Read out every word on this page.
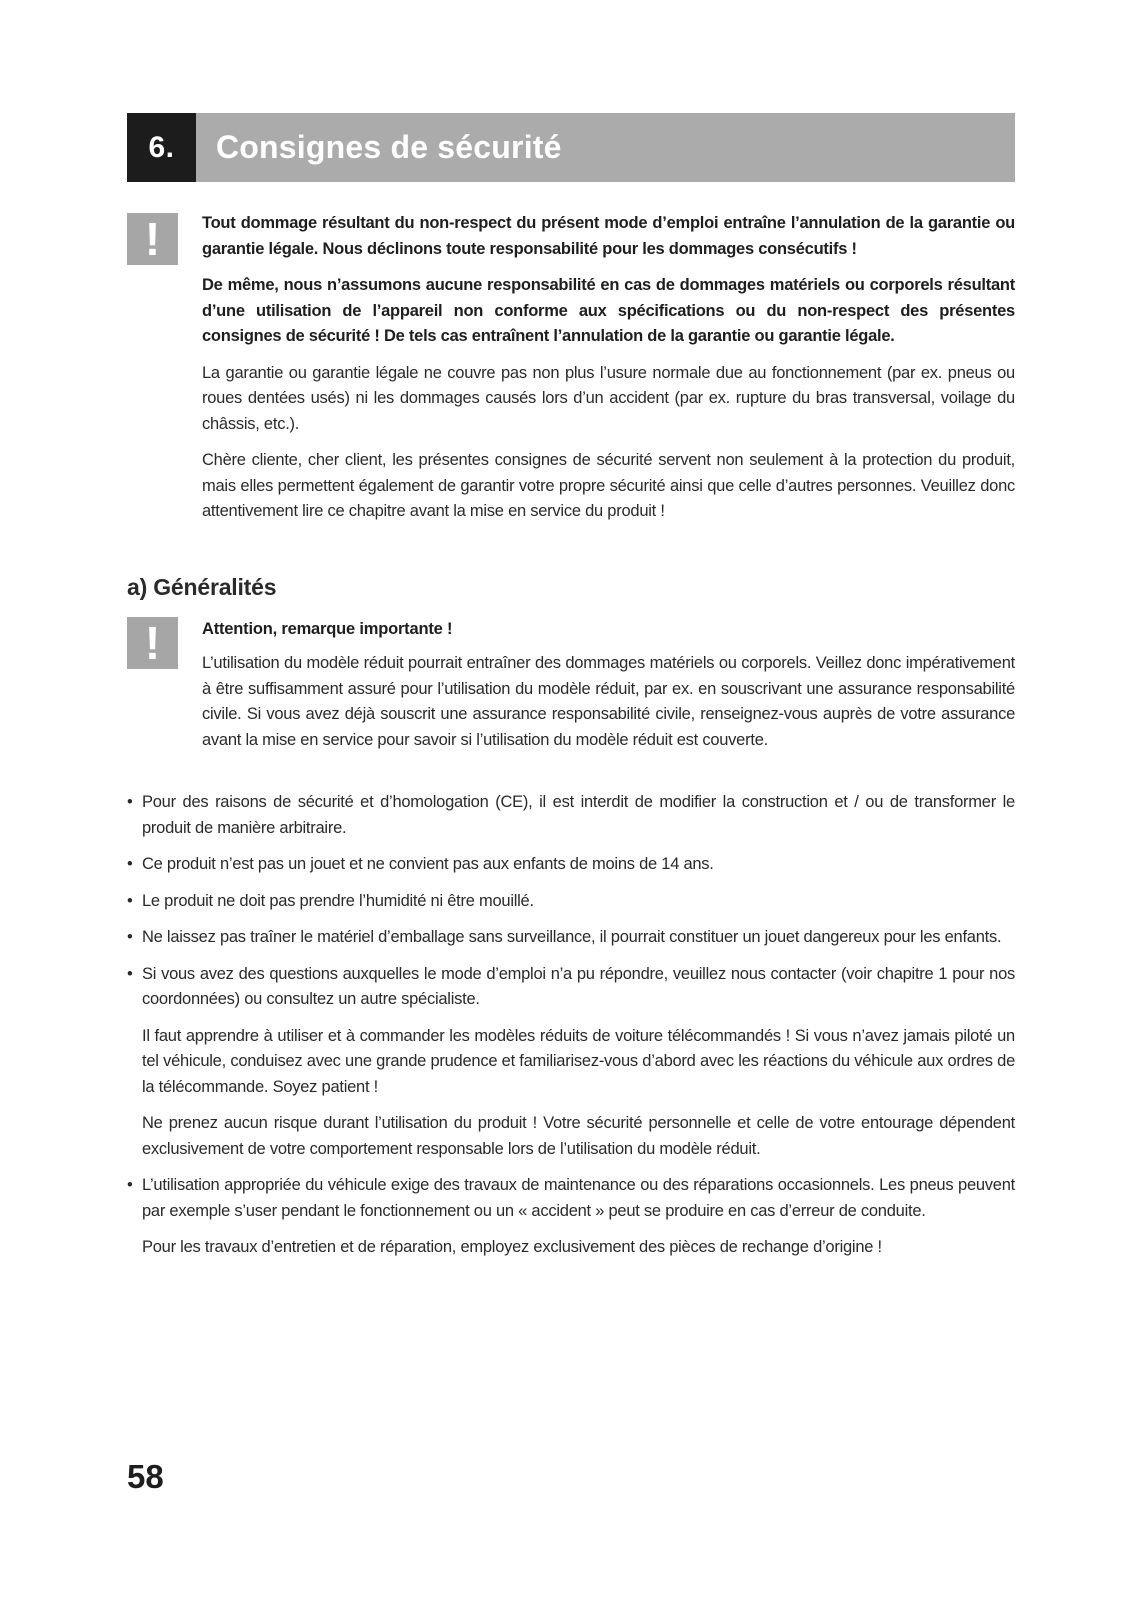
6.	Consignes de sécurité
!	Tout dommage résultant du non-respect du présent mode d’emploi entraîne l’annulation de la garantie ou garantie légale. Nous déclinons toute responsabilité pour les dommages consécutifs !

De même, nous n’assumons aucune responsabilité en cas de dommages matériels ou corporels résultant d’une utilisation de l’appareil non conforme aux spécifications ou du non-respect des présentes consignes de sécurité ! De tels cas entraînent l’annulation de la garantie ou garantie légale.

La garantie ou garantie légale ne couvre pas non plus l’usure normale due au fonctionnement (par ex. pneus ou roues dentées usés) ni les dommages causés lors d’un accident (par ex. rupture du bras transversal, voilage du châssis, etc.).

Chère cliente, cher client, les présentes consignes de sécurité servent non seulement à la protection du produit, mais elles permettent également de garantir votre propre sécurité ainsi que celle d’autres personnes. Veuillez donc attentivement lire ce chapitre avant la mise en service du produit !

a) Généralités
!	Attention, remarque importante !

L’utilisation du modèle réduit pourrait entraîner des dommages matériels ou corporels. Veillez donc impérativement à être suffisamment assuré pour l’utilisation du modèle réduit, par ex. en souscrivant une assurance responsabilité civile. Si vous avez déjà souscrit une assurance responsabilité civile, renseignez-vous auprès de votre assurance avant la mise en service pour savoir si l’utilisation du modèle réduit est couverte.

• Pour des raisons de sécurité et d’homologation (CE), il est interdit de modifier la construction et / ou de transformer le produit de manière arbitraire.

• Ce produit n’est pas un jouet et ne convient pas aux enfants de moins de 14 ans.

• Le produit ne doit pas prendre l’humidité ni être mouillé.

• Ne laissez pas traîner le matériel d’emballage sans surveillance, il pourrait constituer un jouet dangereux pour les enfants.

• Si vous avez des questions auxquelles le mode d’emploi n’a pu répondre, veuillez nous contacter (voir chapitre 1 pour nos coordonnées) ou consultez un autre spécialiste.

Il faut apprendre à utiliser et à commander les modèles réduits de voiture télécommandés ! Si vous n’avez jamais piloté un tel véhicule, conduisez avec une grande prudence et familiarisez-vous d’abord avec les réactions du véhicule aux ordres de la télécommande. Soyez patient !

Ne prenez aucun risque durant l’utilisation du produit ! Votre sécurité personnelle et celle de votre entourage dépendent exclusivement de votre comportement responsable lors de l’utilisation du modèle réduit.

• L’utilisation appropriée du véhicule exige des travaux de maintenance ou des réparations occasionnels. Les pneus peuvent par exemple s’user pendant le fonctionnement ou un « accident » peut se produire en cas d’erreur de conduite.

Pour les travaux d’entretien et de réparation, employez exclusivement des pièces de rechange d’origine !

58
